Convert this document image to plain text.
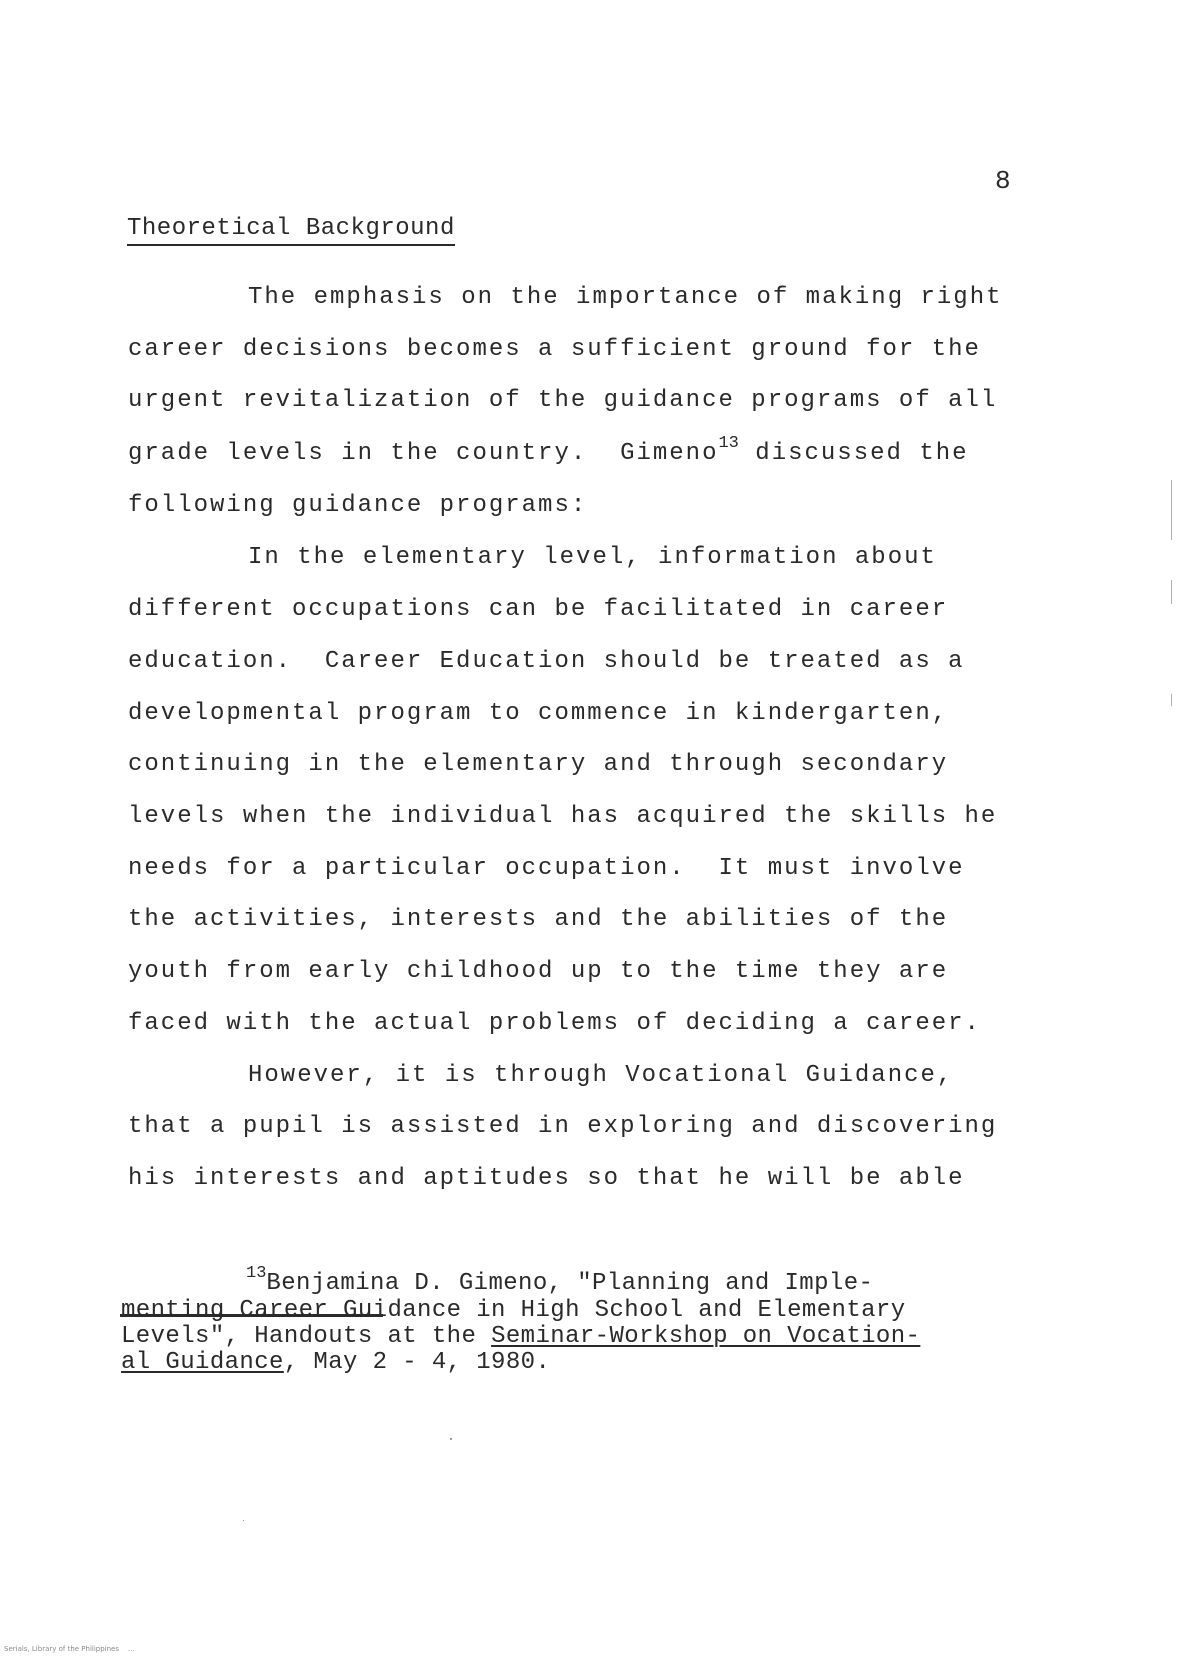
8
Theoretical Background
The emphasis on the importance of making right
career decisions becomes a sufficient ground for the
urgent revitalization of the guidance programs of all
grade levels in the country.  Gimeno$^{13}$ discussed the
following guidance programs:
In the elementary level, information about
different occupations can be facilitated in career
education.  Career Education should be treated as a
developmental program to commence in kindergarten,
continuing in the elementary and through secondary
levels when the individual has acquired the skills he
needs for a particular occupation.  It must involve
the activities, interests and the abilities of the
youth from early childhood up to the time they are
faced with the actual problems of deciding a career.
However, it is through Vocational Guidance,
that a pupil is assisted in exploring and discovering
his interests and aptitudes so that he will be able
$^{13}$Benjamina D. Gimeno, "Planning and Imple-
menting Career Guidance in High School and Elementary
Levels", Handouts at the Seminar-Workshop on Vocation-
al Guidance, May 2 - 4, 1980.
Serials, Library of the Philippines    ...
